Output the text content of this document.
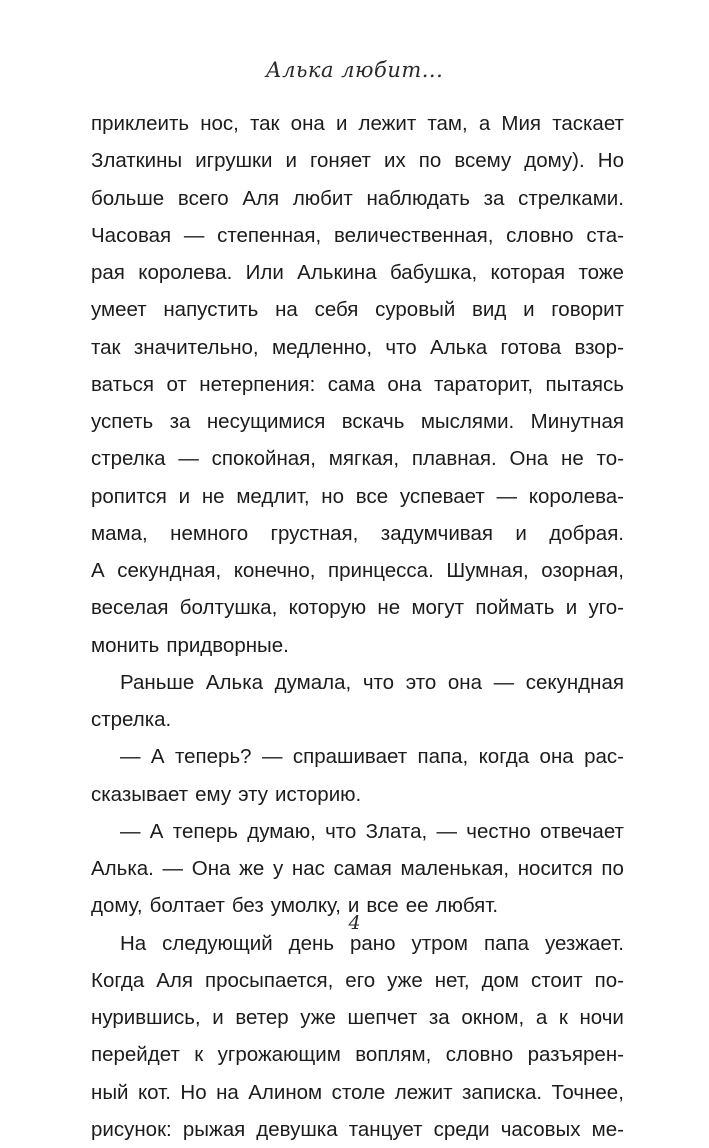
Алька любит...
приклеить нос, так она и лежит там, а Мия таскает
Златкины игрушки и гоняет их по всему дому). Но
больше всего Аля любит наблюдать за стрелками.
Часовая — степенная, величественная, словно ста-
рая королева. Или Алькина бабушка, которая тоже
умеет напустить на себя суровый вид и говорит
так значительно, медленно, что Алька готова взор-
ваться от нетерпения: сама она тараторит, пытаясь
успеть за несущимися вскачь мыслями. Минутная
стрелка — спокойная, мягкая, плавная. Она не то-
ропится и не медлит, но все успевает — королева-
мама, немного грустная, задумчивая и добрая.
А секундная, конечно, принцесса. Шумная, озорная,
веселая болтушка, которую не могут поймать и уго-
монить придворные.
Раньше Алька думала, что это она — секундная
стрелка.
— А теперь? — спрашивает папа, когда она рас-
сказывает ему эту историю.
— А теперь думаю, что Злата, — честно отвечает
Алька. — Она же у нас самая маленькая, носится по
дому, болтает без умолку, и все ее любят.
На следующий день рано утром папа уезжает.
Когда Аля просыпается, его уже нет, дом стоит по-
нурившись, и ветер уже шепчет за окном, а к ночи
перейдет к угрожающим воплям, словно разъярен-
ный кот. Но на Алином столе лежит записка. Точнее,
рисунок: рыжая девушка танцует среди часовых ме-
4
